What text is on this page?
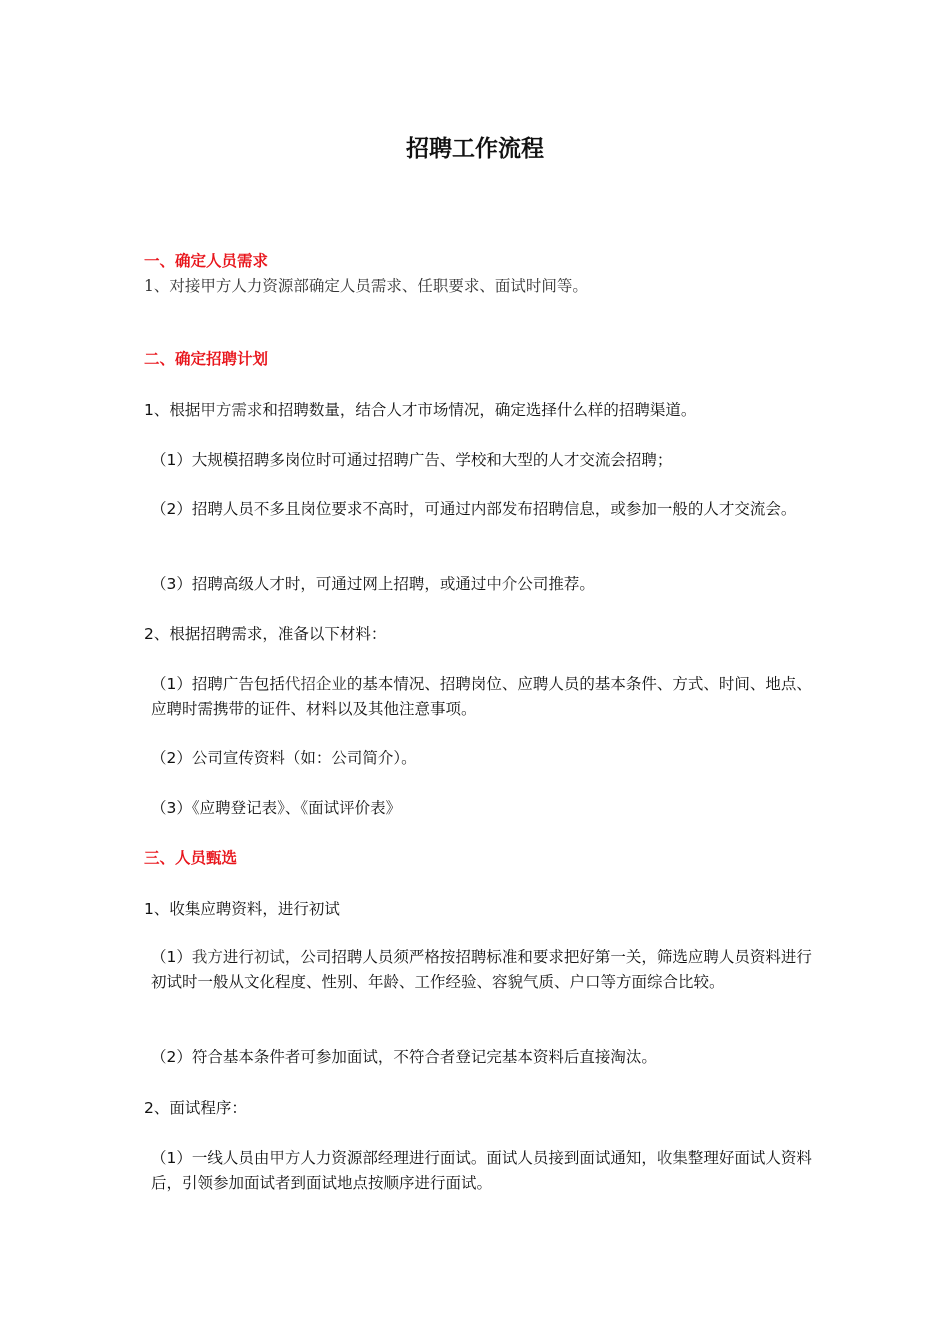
招聘工作流程

一、确定人员需求

1、对接甲方人力资源部确定人员需求、任职要求、面试时间等。

二、确定招聘计划

1、根据甲方需求和招聘数量，结合人才市场情况，确定选择什么样的招聘渠道。

（1）大规模招聘多岗位时可通过招聘广告、学校和大型的人才交流会招聘；

（2）招聘人员不多且岗位要求不高时，可通过内部发布招聘信息，或参加一般的人才交流会。

（3）招聘高级人才时，可通过网上招聘，或通过中介公司推荐。

2、根据招聘需求，准备以下材料：

（1）招聘广告包括代招企业的基本情况、招聘岗位、应聘人员的基本条件、方式、时间、地点、应聘时需携带的证件、材料以及其他注意事项。

（2）公司宣传资料（如：公司简介）。

（3）《应聘登记表》、《面试评价表》

三、人员甄选

1、收集应聘资料，进行初试

（1）我方进行初试，公司招聘人员须严格按招聘标准和要求把好第一关，筛选应聘人员资料进行初试时一般从文化程度、性别、年龄、工作经验、容貌气质、户口等方面综合比较。

（2）符合基本条件者可参加面试，不符合者登记完基本资料后直接淘汰。

2、面试程序：

（1）一线人员由甲方人力资源部经理进行面试。面试人员接到面试通知，收集整理好面试人资料后，引领参加面试者到面试地点按顺序进行面试。
